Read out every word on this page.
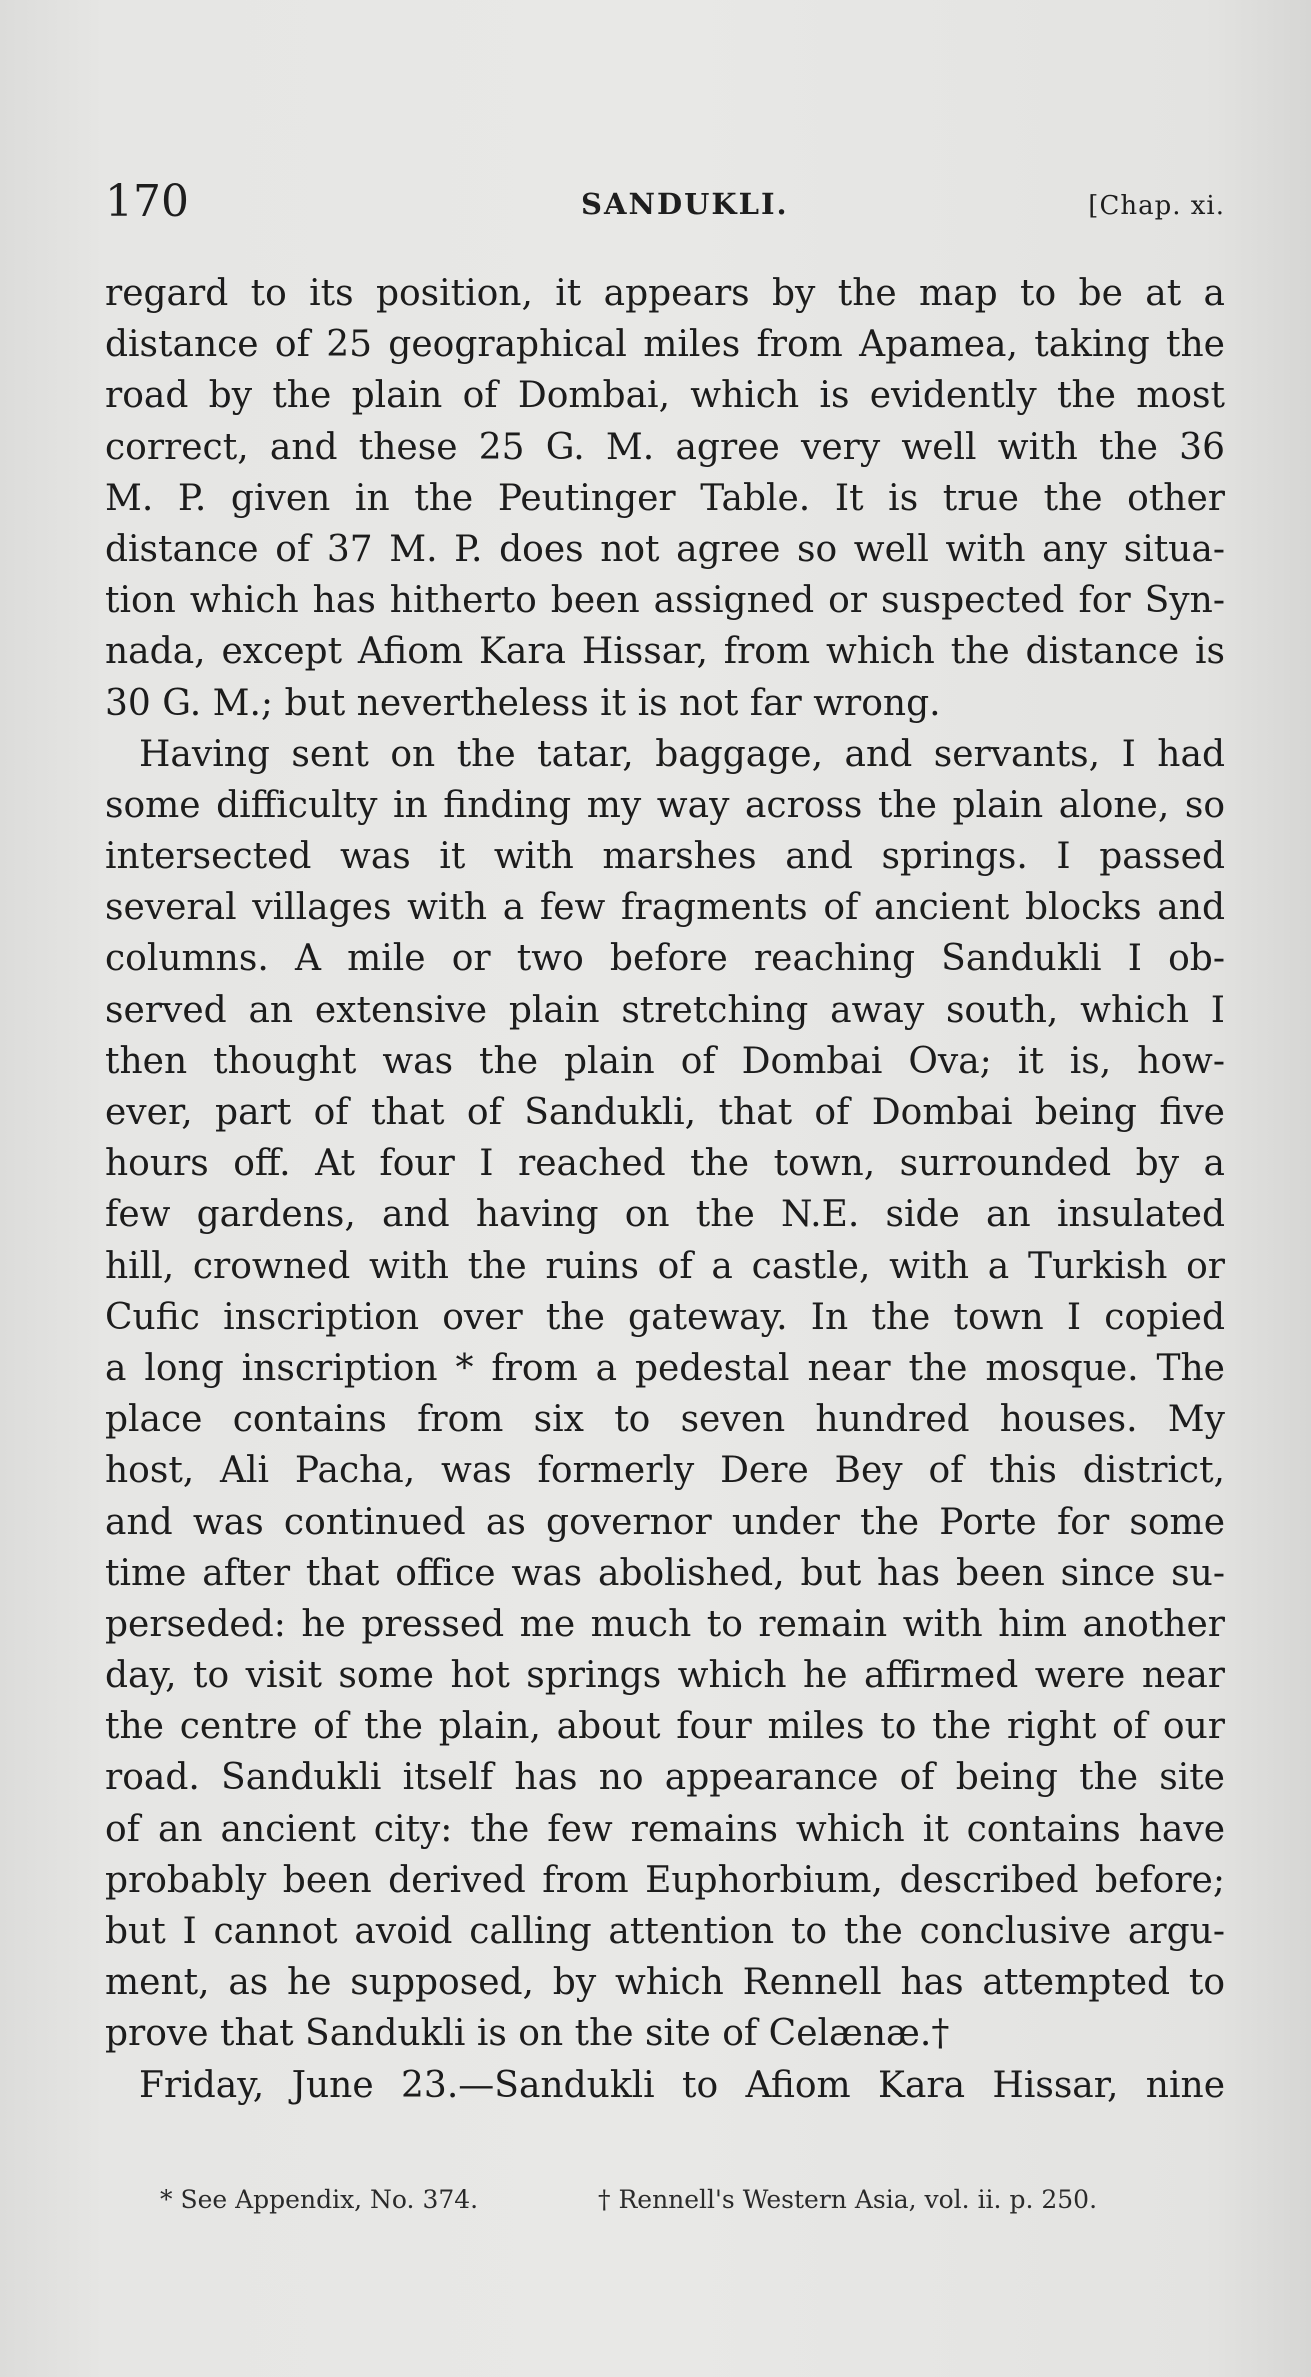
170	SANDUKLI.	[Chap. xi.
regard to its position, it appears by the map to be at a
distance of 25 geographical miles from Apamea, taking the
road by the plain of Dombai, which is evidently the most
correct, and these 25 G. M. agree very well with the 36
M. P. given in the Peutinger Table. It is true the other
distance of 37 M. P. does not agree so well with any situa-
tion which has hitherto been assigned or suspected for Syn-
nada, except Afiom Kara Hissar, from which the distance is
30 G. M.; but nevertheless it is not far wrong.
Having sent on the tatar, baggage, and servants, I had
some difficulty in finding my way across the plain alone, so
intersected was it with marshes and springs. I passed
several villages with a few fragments of ancient blocks and
columns. A mile or two before reaching Sandukli I ob-
served an extensive plain stretching away south, which I
then thought was the plain of Dombai Ova; it is, how-
ever, part of that of Sandukli, that of Dombai being five
hours off. At four I reached the town, surrounded by a
few gardens, and having on the N.E. side an insulated
hill, crowned with the ruins of a castle, with a Turkish or
Cufic inscription over the gateway. In the town I copied
a long inscription * from a pedestal near the mosque. The
place contains from six to seven hundred houses. My
host, Ali Pacha, was formerly Dere Bey of this district,
and was continued as governor under the Porte for some
time after that office was abolished, but has been since su-
perseded: he pressed me much to remain with him another
day, to visit some hot springs which he affirmed were near
the centre of the plain, about four miles to the right of our
road. Sandukli itself has no appearance of being the site
of an ancient city: the few remains which it contains have
probably been derived from Euphorbium, described before;
but I cannot avoid calling attention to the conclusive argu-
ment, as he supposed, by which Rennell has attempted to
prove that Sandukli is on the site of Celænæ.†
Friday, June 23.—Sandukli to Afiom Kara Hissar, nine
* See Appendix, No. 374.	† Rennell's Western Asia, vol. ii. p. 250.
